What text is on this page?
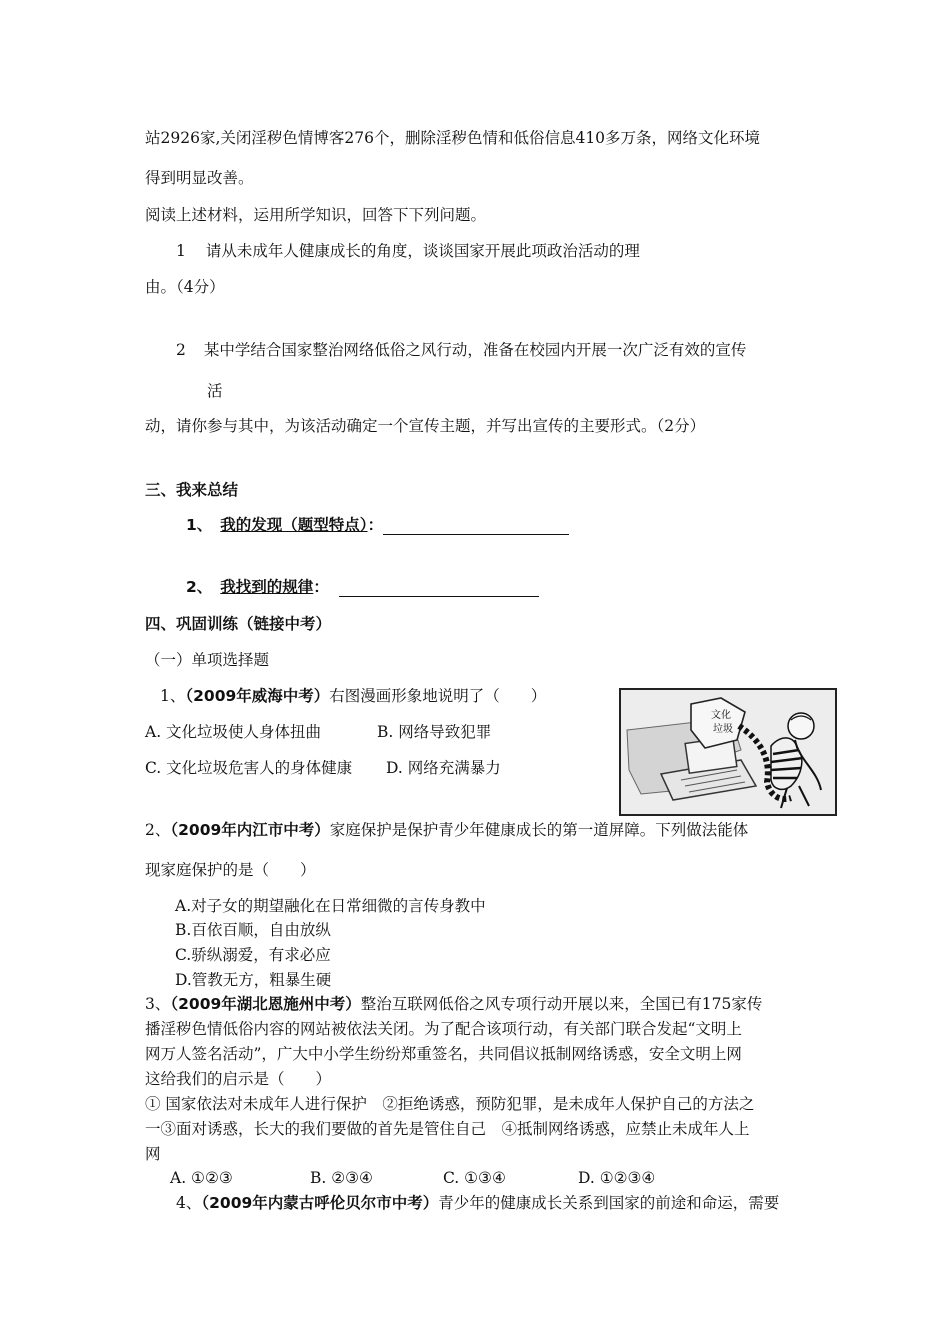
站2926家,关闭淫秽色情博客276个，删除淫秽色情和低俗信息410多万条，网络文化环境
得到明显改善。
阅读上述材料，运用所学知识，回答下下列问题。
1 请从未成年人健康成长的角度，谈谈国家开展此项政治活动的理
由。（4分）
2 某中学结合国家整治网络低俗之风行动，准备在校园内开展一次广泛有效的宣传
活
动，请你参与其中，为该活动确定一个宣传主题，并写出宣传的主要形式。（2分）
三、我来总结
1、 我的发现（题型特点）：
2、 我找到的规律：
四、巩固训练（链接中考）
（一）单项选择题
1、（2009年威海中考）右图漫画形象地说明了（　　）
A. 文化垃圾使人身体扭曲	B. 网络导致犯罪
C. 文化垃圾危害人的身体健康 D. 网络充满暴力
文化
垃圾
2、（2009年内江市中考）家庭保护是保护青少年健康成长的第一道屏障。下列做法能体
现家庭保护的是（　　）
A.对子女的期望融化在日常细微的言传身教中
B.百依百顺，自由放纵
C.骄纵溺爱，有求必应
D.管教无方，粗暴生硬
3、（2009年湖北恩施州中考）整治互联网低俗之风专项行动开展以来，全国已有175家传
播淫秽色情低俗内容的网站被依法关闭。为了配合该项行动，有关部门联合发起“文明上
网万人签名活动”，广大中小学生纷纷郑重签名，共同倡议抵制网络诱惑，安全文明上网
这给我们的启示是（　　）
① 国家依法对未成年人进行保护　②拒绝诱惑，预防犯罪，是未成年人保护自己的方法之
一③面对诱惑，长大的我们要做的首先是管住自己　④抵制网络诱惑，应禁止未成年人上
网
A. ①②③	B. ②③④	C. ①③④	D. ①②③④
4、（2009年内蒙古呼伦贝尔市中考）青少年的健康成长关系到国家的前途和命运，需要
